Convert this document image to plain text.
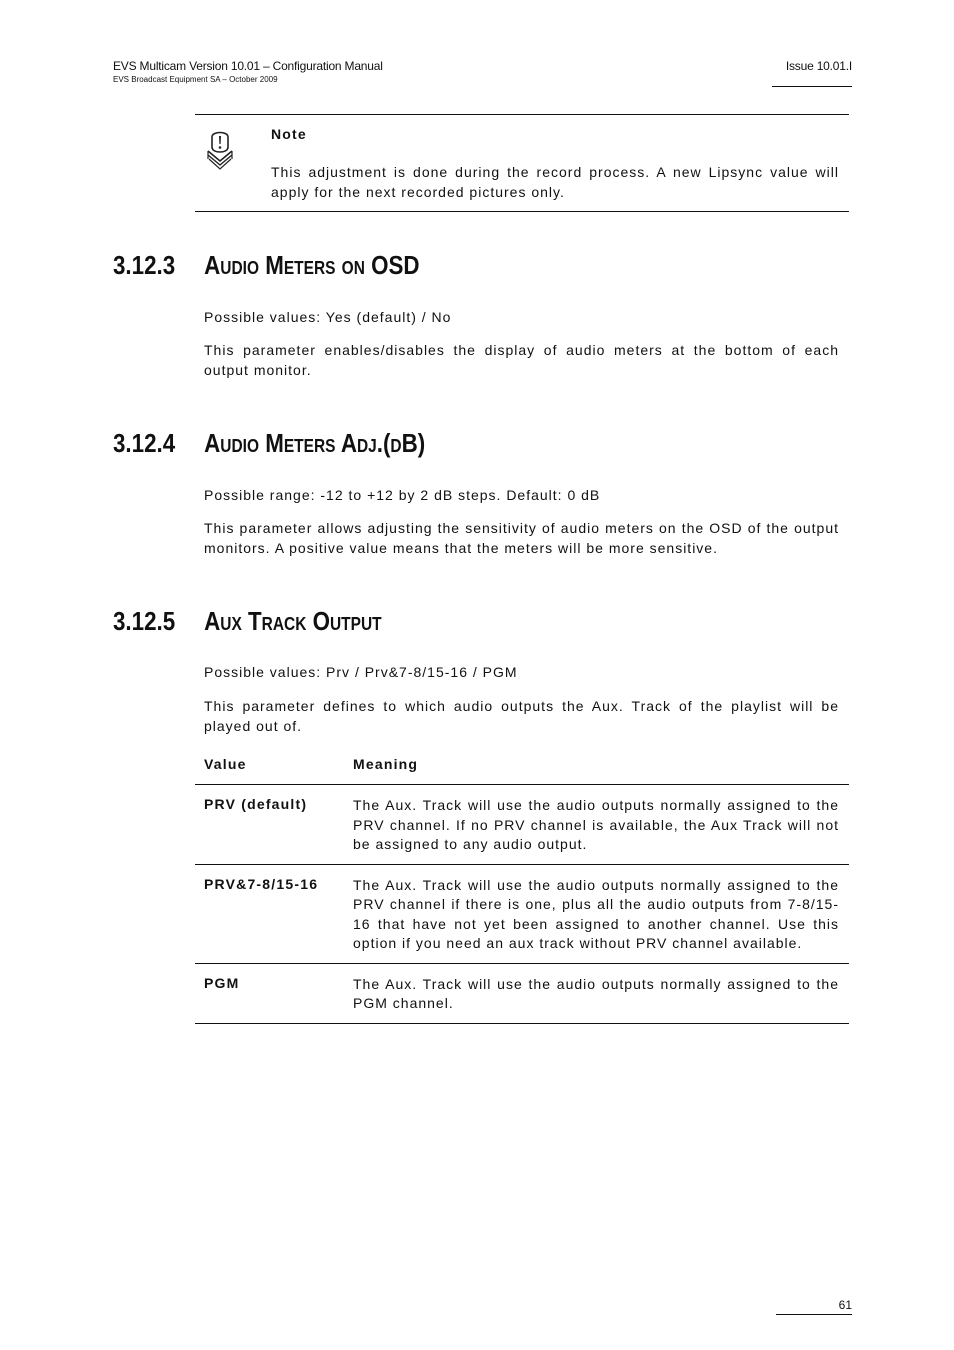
EVS Multicam Version 10.01 – Configuration Manual
EVS Broadcast Equipment SA – October 2009
Issue 10.01.I
Note
This adjustment is done during the record process. A new Lipsync value will apply for the next recorded pictures only.
3.12.3 Audio Meters on OSD
Possible values: Yes (default) / No
This parameter enables/disables the display of audio meters at the bottom of each output monitor.
3.12.4 Audio Meters Adj.(dB)
Possible range: -12 to +12 by 2 dB steps. Default: 0 dB
This parameter allows adjusting the sensitivity of audio meters on the OSD of the output monitors. A positive value means that the meters will be more sensitive.
3.12.5 Aux Track Output
Possible values: Prv / Prv&7-8/15-16 / PGM
This parameter defines to which audio outputs the Aux. Track of the playlist will be played out of.
Value	Meaning
PRV (default)	The Aux. Track will use the audio outputs normally assigned to the PRV channel. If no PRV channel is available, the Aux Track will not be assigned to any audio output.
PRV&7-8/15-16 The Aux. Track will use the audio outputs normally assigned to the PRV channel if there is one, plus all the audio outputs from 7-8/15-16 that have not yet been assigned to another channel. Use this option if you need an aux track without PRV channel available.
PGM	The Aux. Track will use the audio outputs normally assigned to the PGM channel.
61
